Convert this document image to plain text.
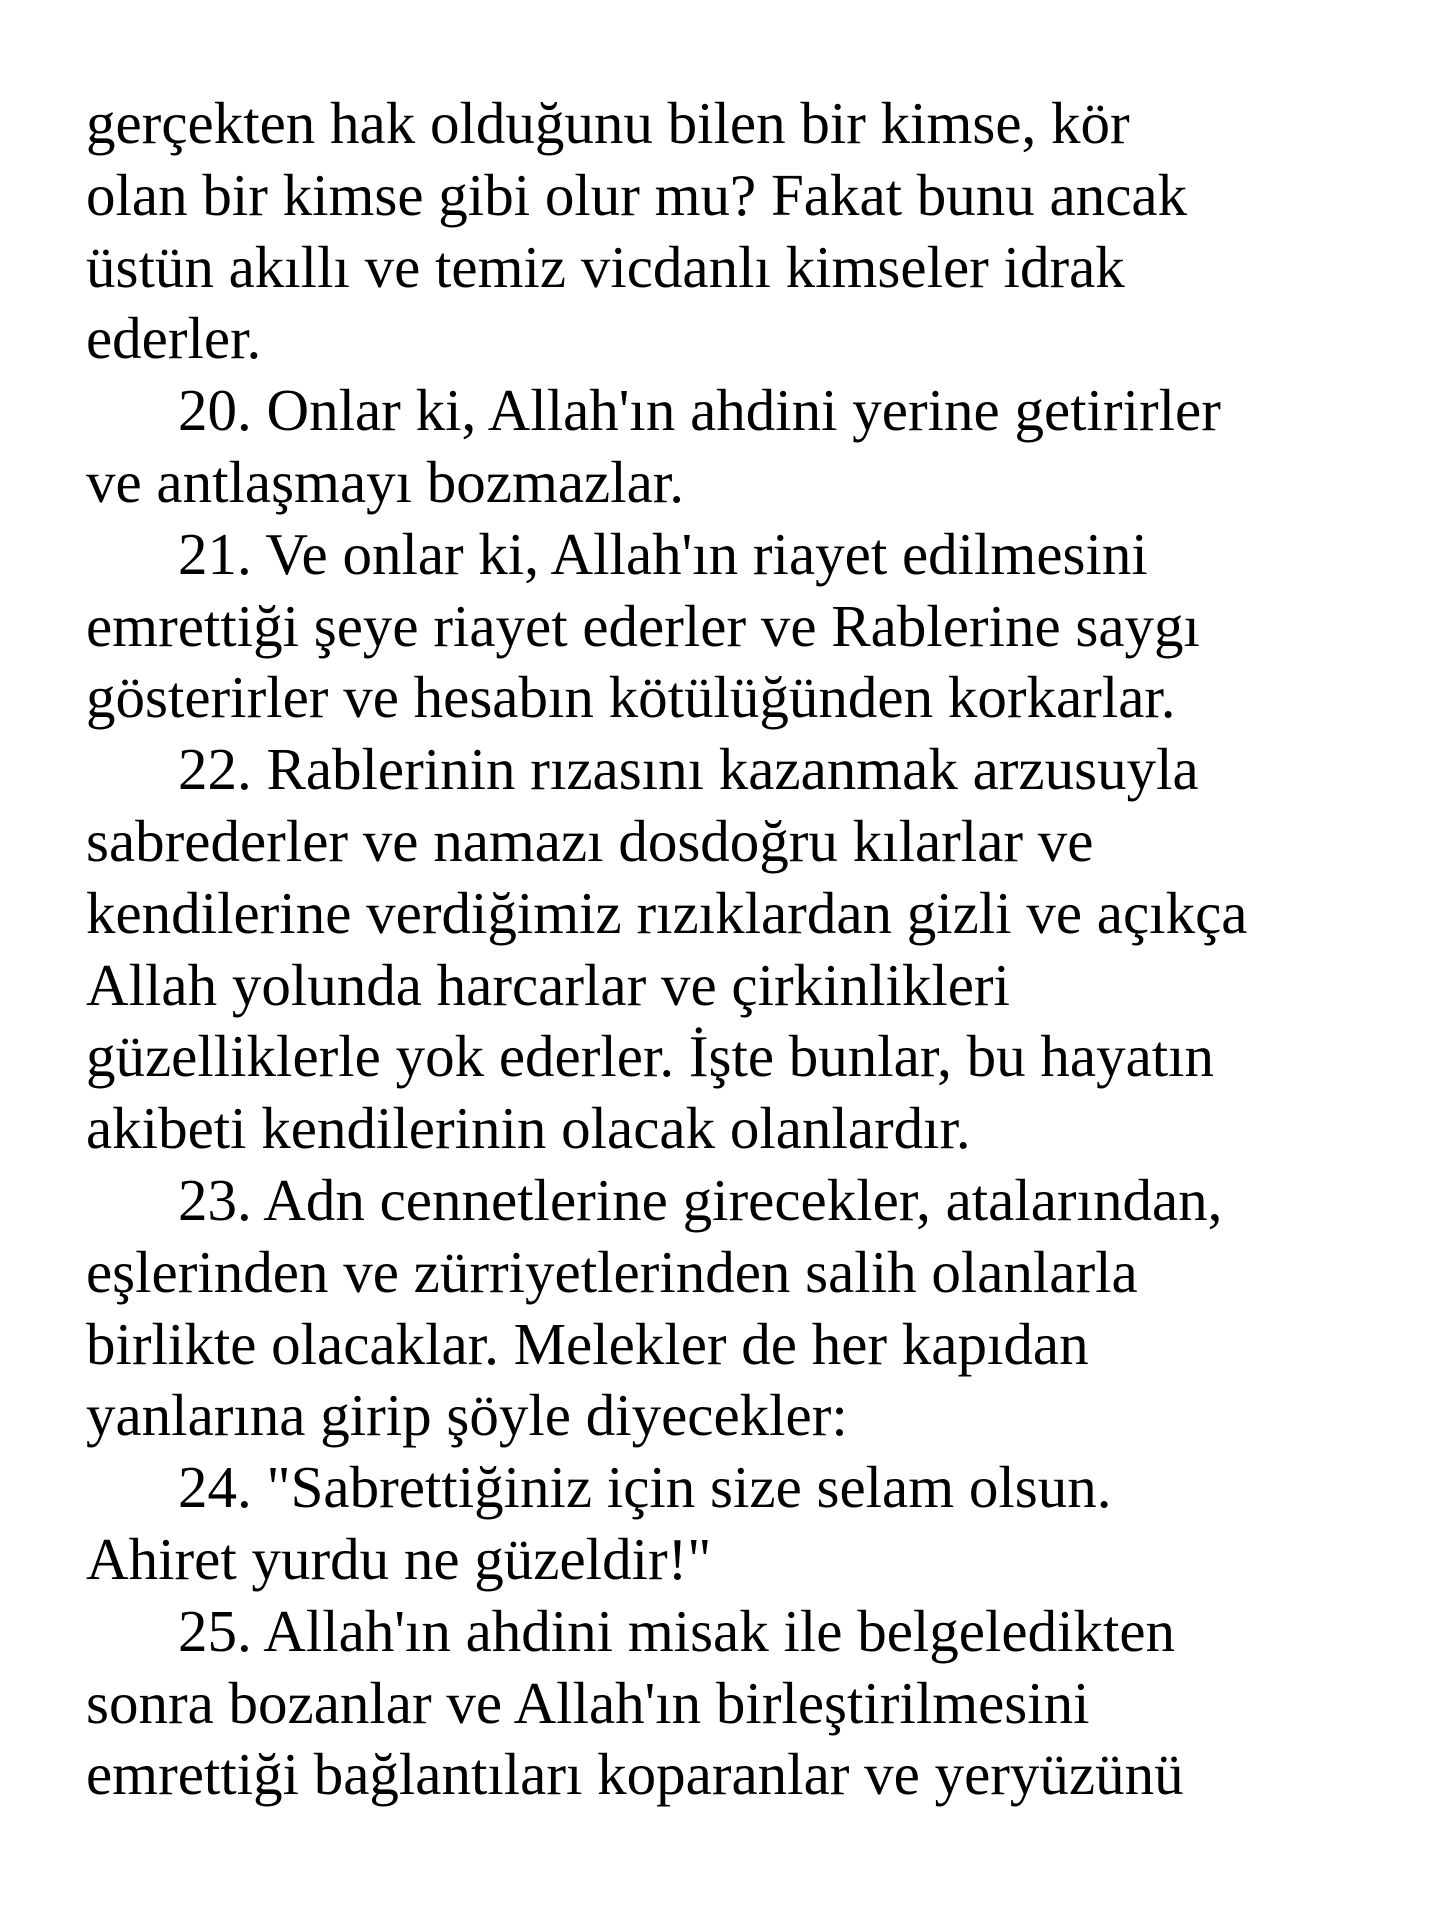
gerçekten hak olduğunu bilen bir kimse, kör
olan bir kimse gibi olur mu? Fakat bunu ancak
üstün akıllı ve temiz vicdanlı kimseler idrak
ederler.

20. Onlar ki, Allah'ın ahdini yerine getirirler
ve antlaşmayı bozmazlar.

21. Ve onlar ki, Allah'ın riayet edilmesini
emrettiği şeye riayet ederler ve Rablerine saygı
gösterirler ve hesabın kötülüğünden korkarlar.

22. Rablerinin rızasını kazanmak arzusuyla
sabrederler ve namazı dosdoğru kılarlar ve
kendilerine verdiğimiz rızıklardan gizli ve açıkça
Allah yolunda harcarlar ve çirkinlikleri
güzelliklerle yok ederler. İşte bunlar, bu hayatın
akibeti kendilerinin olacak olanlardır.

23. Adn cennetlerine girecekler, atalarından,
eşlerinden ve zürriyetlerinden salih olanlarla
birlikte olacaklar. Melekler de her kapıdan
yanlarına girip şöyle diyecekler:

24. "Sabrettiğiniz için size selam olsun.
Ahiret yurdu ne güzeldir!"

25. Allah'ın ahdini misak ile belgeledikten
sonra bozanlar ve Allah'ın birleştirilmesini
emrettiği bağlantıları koparanlar ve yeryüzünü
